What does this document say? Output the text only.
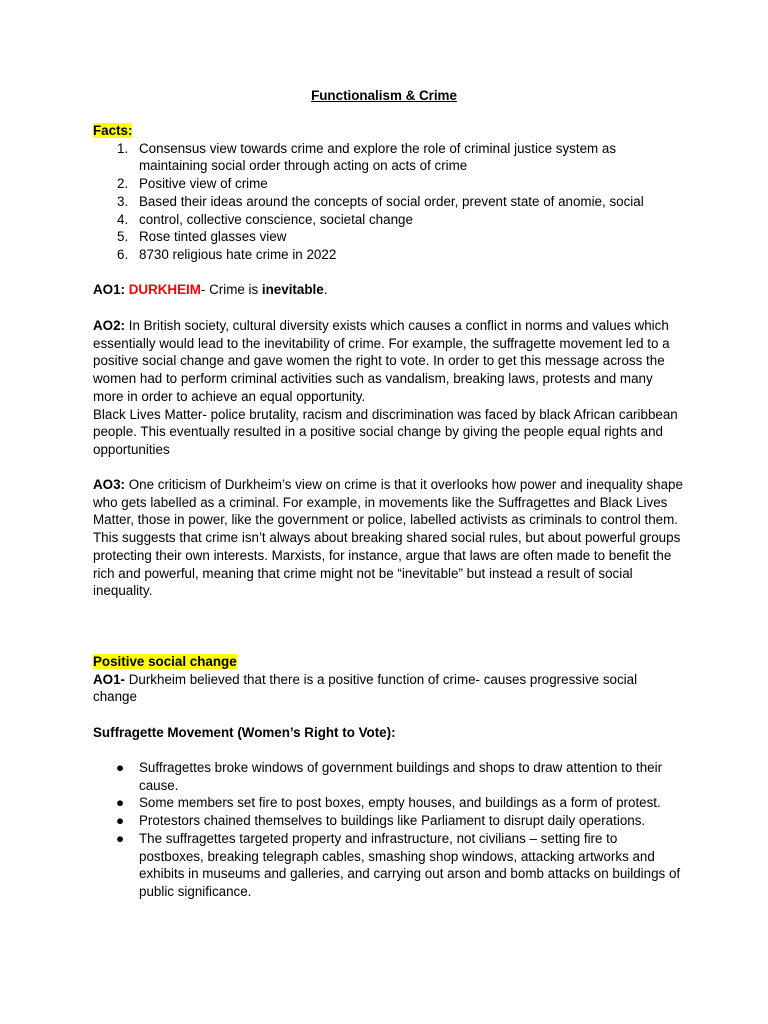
Functionalism & Crime

Facts:

1. Consensus view towards crime and explore the role of criminal justice system as maintaining social order through acting on acts of crime
2. Positive view of crime
3. Based their ideas around the concepts of social order, prevent state of anomie, social
4. control, collective conscience, societal change
5. Rose tinted glasses view
6. 8730 religious hate crime in 2022

AO1: DURKHEIM- Crime is inevitable.

AO2: In British society, cultural diversity exists which causes a conflict in norms and values which essentially would lead to the inevitability of crime. For example, the suffragette movement led to a positive social change and gave women the right to vote. In order to get this message across the women had to perform criminal activities such as vandalism, breaking laws, protests and many more in order to achieve an equal opportunity.

Black Lives Matter- police brutality, racism and discrimination was faced by black African caribbean people. This eventually resulted in a positive social change by giving the people equal rights and opportunities

AO3: One criticism of Durkheim’s view on crime is that it overlooks how power and inequality shape who gets labelled as a criminal. For example, in movements like the Suffragettes and Black Lives Matter, those in power, like the government or police, labelled activists as criminals to control them. This suggests that crime isn’t always about breaking shared social rules, but about powerful groups protecting their own interests. Marxists, for instance, argue that laws are often made to benefit the rich and powerful, meaning that crime might not be “inevitable” but instead a result of social inequality.

Positive social change

AO1- Durkheim believed that there is a positive function of crime- causes progressive social change

Suffragette Movement (Women’s Right to Vote):

● Suffragettes broke windows of government buildings and shops to draw attention to their cause.
● Some members set fire to post boxes, empty houses, and buildings as a form of protest.
● Protestors chained themselves to buildings like Parliament to disrupt daily operations.
● The suffragettes targeted property and infrastructure, not civilians – setting fire to postboxes, breaking telegraph cables, smashing shop windows, attacking artworks and exhibits in museums and galleries, and carrying out arson and bomb attacks on buildings of public significance.
